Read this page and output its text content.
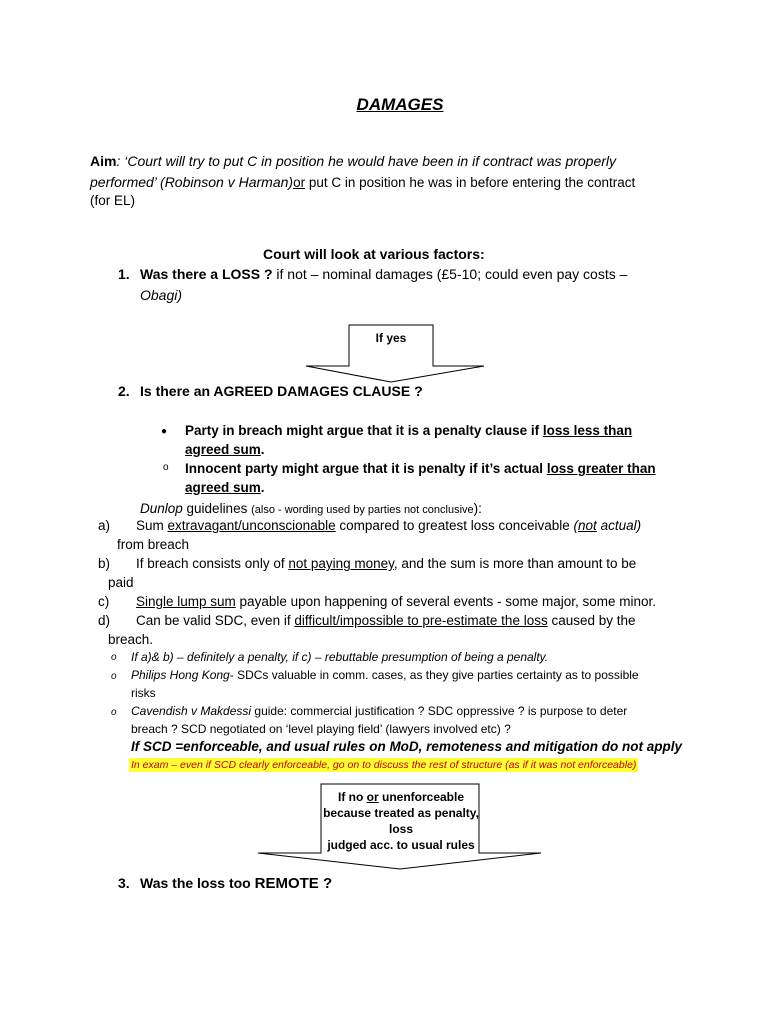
DAMAGES
Aim: ‘Court will try to put C in position he would have been in if contract was properly
performed’ (Robinson v Harman)or put C in position he was in before entering the contract
(for EL)
Court will look at various factors:
1. Was there a LOSS ? if not – nominal damages (£5-10; could even pay costs –
Obagi)
If yes
2. Is there an AGREED DAMAGES CLAUSE ?
● Party in breach might argue that it is a penalty clause if loss less than
agreed sum.
o Innocent party might argue that it is penalty if it’s actual loss greater than
agreed sum.
Dunlop guidelines (also - wording used by parties not conclusive):
a) Sum extravagant/unconscionable compared to greatest loss conceivable (not actual)
from breach
b) If breach consists only of not paying money, and the sum is more than amount to be
paid
c) Single lump sum payable upon happening of several events - some major, some minor.
d) Can be valid SDC, even if difficult/impossible to pre-estimate the loss caused by the
breach.
o If a)& b) – definitely a penalty, if c) – rebuttable presumption of being a penalty.
o Philips Hong Kong- SDCs valuable in comm. cases, as they give parties certainty as to possible
risks
o Cavendish v Makdessi guide: commercial justification ? SDC oppressive ? is purpose to deter
breach ? SCD negotiated on ‘level playing field’ (lawyers involved etc) ?
If SCD =enforceable, and usual rules on MoD, remoteness and mitigation do not apply
In exam – even if SCD clearly enforceable, go on to discuss the rest of structure (as if it was not enforceable)
If no or unenforceable
because treated as penalty,
loss
judged acc. to usual rules
3. Was the loss too REMOTE ?
